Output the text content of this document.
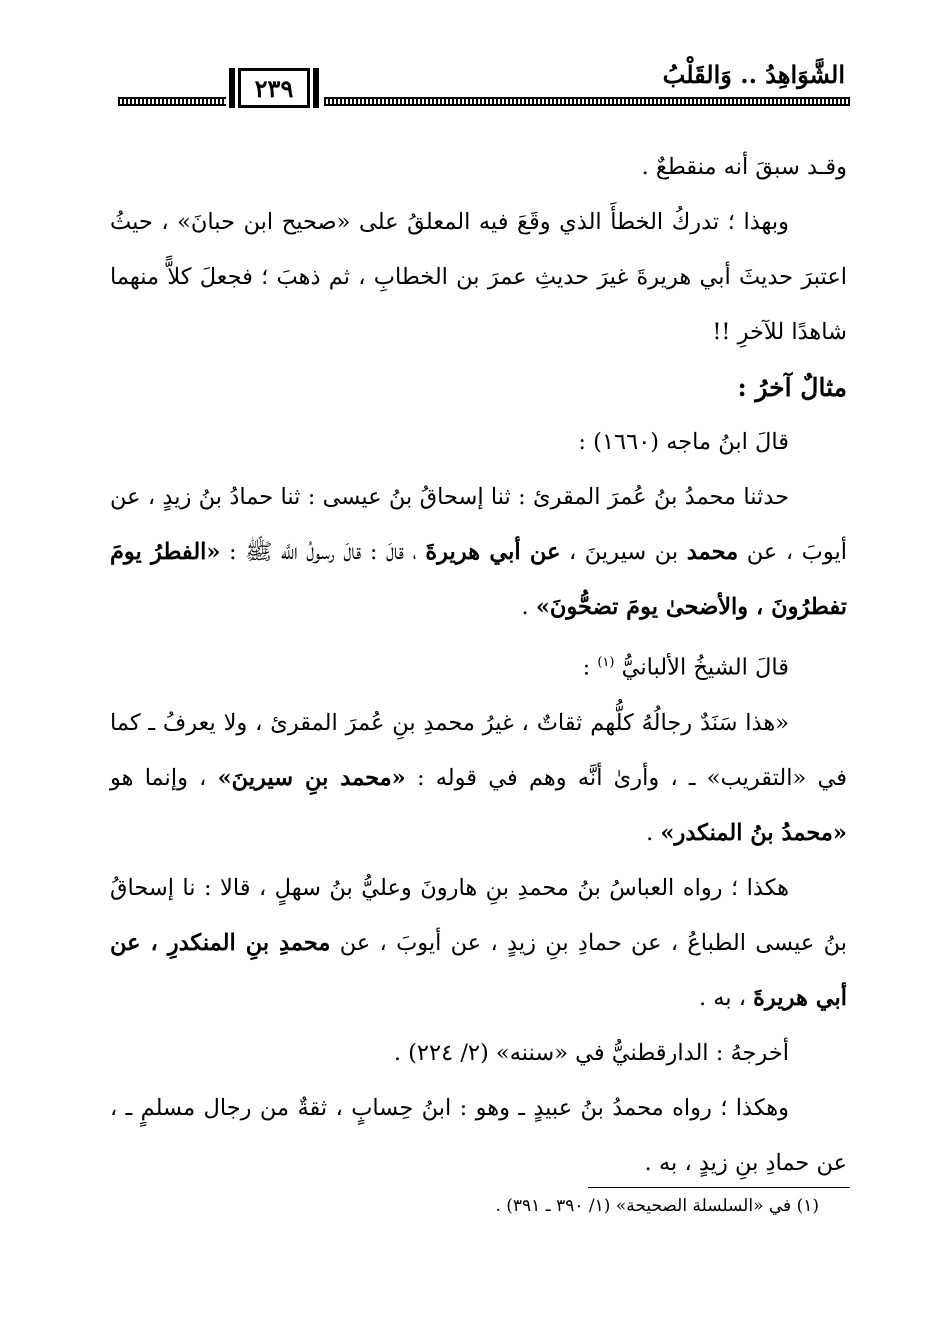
الشَّوَاهِدُ .. وَالقَلْبُ
٢٣٩

وقـد سبقَ أنه منقطعٌ .

وبهذا ؛ تدركُ الخطأَ الذي وقَعَ فيه المعلقُ على «صحيح ابن حبانَ» ، حيثُ اعتبرَ حديثَ أبي هريرةَ غيرَ حديثِ عمرَ بن الخطابِ ، ثم ذهبَ ؛ فجعلَ كلاًّ منهما شاهدًا للآخرِ !!

مثالٌ آخرُ :

قالَ ابنُ ماجه (١٦٦٠) :

حدثنا محمدُ بنُ عُمرَ المقرئ : ثنا إسحاقُ بنُ عيسى : ثنا حمادُ بنُ زيدٍ ، عن أيوبَ ، عن محمد بن سيرينَ ، عن أبي هريرةَ ، قالَ : قالَ رسولُ اللَّه ﷺ : «الفطرُ يومَ تفطرُونَ ، والأضحىٰ يومَ تضحُّونَ» .

قالَ الشيخُ الألبانيُّ $^{(١)}$ :

«هذا سَنَدٌ رجالُهُ كلُّهم ثقاتٌ ، غيرُ محمدِ بنِ عُمرَ المقرئ ، ولا يعرفُ ـ كما في «التقريب» ـ ، وأرىٰ أنَّه وهم في قوله : «محمد بنِ سيرينَ» ، وإنما هو «محمدُ بنُ المنكدر» .

هكذا ؛ رواه العباسُ بنُ محمدِ بنِ هارونَ وعليُّ بنُ سهلٍ ، قالا : نا إسحاقُ بنُ عيسى الطباعُ ، عن حمادِ بنِ زيدٍ ، عن أيوبَ ، عن محمدِ بنِ المنكدرِ ، عن أبي هريرةَ ، به .

أخرجهُ : الدارقطنيُّ في «سننه» (٢/ ٢٢٤) .

وهكذا ؛ رواه محمدُ بنُ عبيدٍ ـ وهو : ابنُ حِسابٍ ، ثقةٌ من رجال مسلمٍ ـ ، عن حمادِ بنِ زيدٍ ، به .

(١) في «السلسلة الصحيحة» (١/ ٣٩٠ ـ ٣٩١) .
